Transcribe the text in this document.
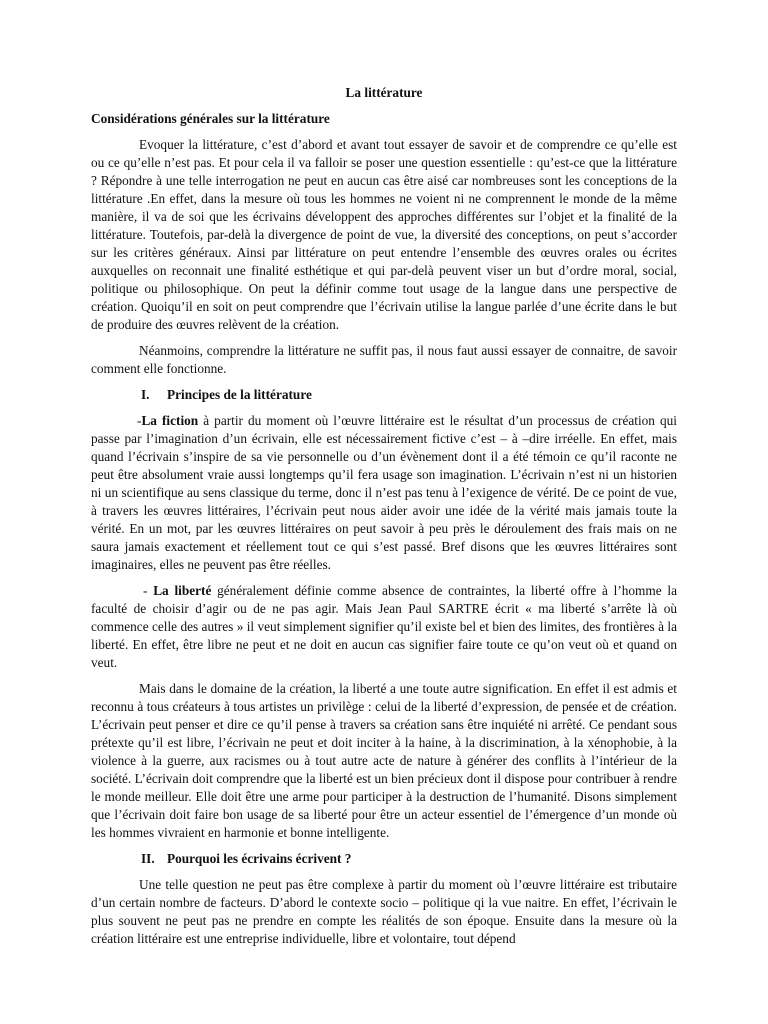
La littérature
Considérations générales sur la littérature

Evoquer la littérature, c’est d’abord et avant tout essayer de savoir et de comprendre ce qu’elle est ou ce qu’elle n’est pas. Et pour cela il va falloir se poser une question essentielle : qu’est-ce que la littérature ? Répondre à une telle interrogation ne peut en aucun cas être aisé car nombreuses sont les conceptions de la littérature .En effet, dans la mesure où tous les hommes ne voient ni ne comprennent le monde de la même manière, il va de soi que les écrivains développent des approches différentes sur l’objet et la finalité de la littérature. Toutefois, par-delà la divergence de point de vue, la diversité des conceptions, on peut s’accorder sur les critères généraux. Ainsi par littérature on peut entendre l’ensemble des œuvres orales ou écrites auxquelles on reconnait une finalité esthétique et qui par-delà peuvent viser un but d’ordre moral, social, politique ou philosophique. On peut la définir comme tout usage de la langue dans une perspective de création. Quoiqu’il en soit on peut comprendre que l’écrivain utilise la langue parlée d’une écrite dans le but de produire des œuvres relèvent de la création.

Néanmoins, comprendre la littérature ne suffit pas, il nous faut aussi essayer de connaitre, de savoir comment elle fonctionne.

I. Principes de la littérature

-La fiction à partir du moment où l’œuvre littéraire est le résultat d’un processus de création qui passe par l’imagination d’un écrivain, elle est nécessairement fictive c’est – à –dire irréelle. En effet, mais quand l’écrivain s’inspire de sa vie personnelle ou d’un évènement dont il a été témoin ce qu’il raconte ne peut être absolument vraie aussi longtemps qu’il fera usage son imagination. L’écrivain n’est ni un historien ni un scientifique au sens classique du terme, donc il n’est pas tenu à l’exigence de vérité. De ce point de vue, à travers les œuvres littéraires, l’écrivain peut nous aider avoir une idée de la vérité mais jamais toute la vérité. En un mot, par les œuvres littéraires on peut savoir à peu près le déroulement des frais mais on ne saura jamais exactement et réellement tout ce qui s’est passé. Bref disons que les œuvres littéraires sont imaginaires, elles ne peuvent pas être réelles.

- La liberté généralement définie comme absence de contraintes, la liberté offre à l’homme la faculté de choisir d’agir ou de ne pas agir. Mais Jean Paul SARTRE écrit « ma liberté s’arrête là où commence celle des autres » il veut simplement signifier qu’il existe bel et bien des limites, des frontières à la liberté. En effet, être libre ne peut et ne doit en aucun cas signifier faire toute ce qu’on veut où et quand on veut.

Mais dans le domaine de la création, la liberté a une toute autre signification. En effet il est admis et reconnu à tous créateurs à tous artistes un privilège : celui de la liberté d’expression, de pensée et de création. L’écrivain peut penser et dire ce qu’il pense à travers sa création sans être inquiété ni arrêté. Ce pendant sous prétexte qu’il est libre, l’écrivain ne peut et doit inciter à la haine, à la discrimination, à la xénophobie, à la violence à la guerre, aux racismes ou à tout autre acte de nature à générer des conflits à l’intérieur de la société. L’écrivain doit comprendre que la liberté est un bien précieux dont il dispose pour contribuer à rendre le monde meilleur. Elle doit être une arme pour participer à la destruction de l’humanité. Disons simplement que l’écrivain doit faire bon usage de sa liberté pour être un acteur essentiel de l’émergence d’un monde où les hommes vivraient en harmonie et bonne intelligente.

II. Pourquoi les écrivains écrivent ?

Une telle question ne peut pas être complexe à partir du moment où l’œuvre littéraire est tributaire d’un certain nombre de facteurs. D’abord le contexte socio – politique qi la vue naitre. En effet, l’écrivain le plus souvent ne peut pas ne prendre en compte les réalités de son époque. Ensuite dans la mesure où la création littéraire est une entreprise individuelle, libre et volontaire, tout dépend
